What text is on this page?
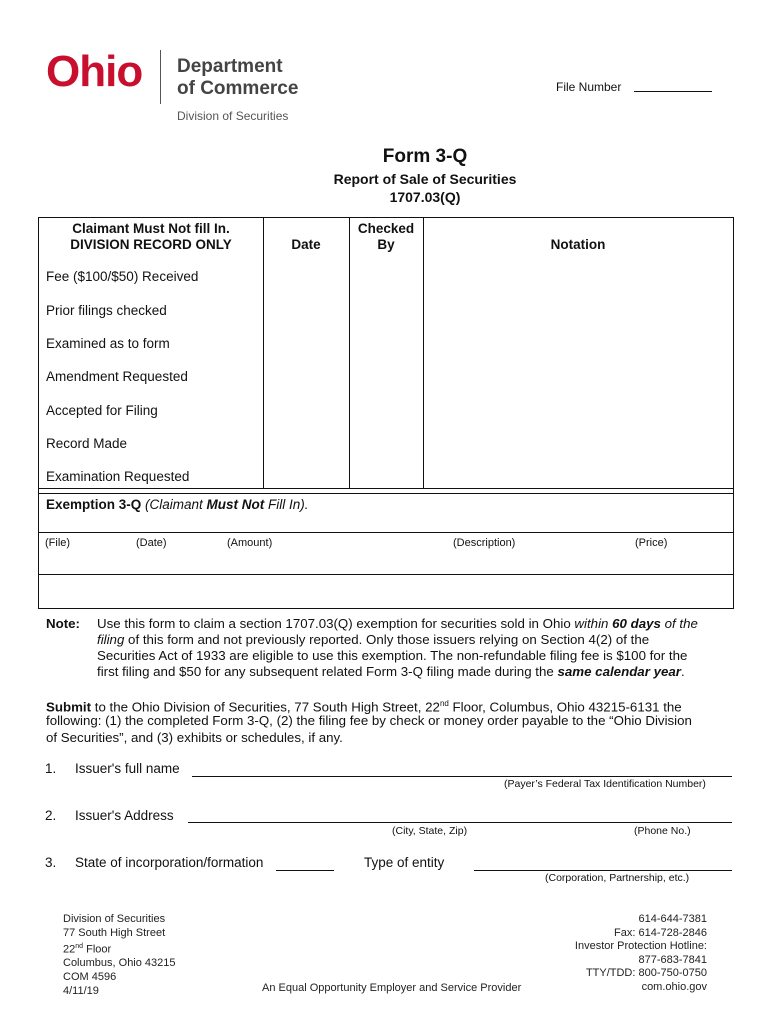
Ohio Department
of Commerce
Division of Securities
File Number
Form 3-Q
Report of Sale of Securities
1707.03(Q)
Claimant Must Not fill In.
DIVISION RECORD ONLY	Date
Checked
By	Notation
Fee ($100/$50) Received
Prior filings checked
Examined as to form
Amendment Requested
Accepted for Filing
Record Made
Examination Requested
Exemption 3-Q (Claimant Must Not Fill In).
(File)	(Date)	(Amount)	(Description)	(Price)
Note: Use this form to claim a section 1707.03(Q) exemption for securities sold in Ohio within 60 days of the
filing of this form and not previously reported. Only those issuers relying on Section 4(2) of the
Securities Act of 1933 are eligible to use this exemption. The non-refundable filing fee is $100 for the
first filing and $50 for any subsequent related Form 3-Q filing made during the same calendar year.
Submit to the Ohio Division of Securities, 77 South High Street, 22nd Floor, Columbus, Ohio 43215-6131 the
following: (1) the completed Form 3-Q, (2) the filing fee by check or money order payable to the “Ohio Division
of Securities”, and (3) exhibits or schedules, if any.
1. Issuer's full name
(Payer’s Federal Tax Identification Number)
2. Issuer's Address
(City, State, Zip)	(Phone No.)
3. State of incorporation/formation	Type of entity
(Corporation, Partnership, etc.)
Division of Securities
77 South High Street
22nd Floor
Columbus, Ohio 43215
COM 4596
4/11/19	An Equal Opportunity Employer and Service Provider
614-644-7381
Fax: 614-728-2846
Investor Protection Hotline:
877-683-7841
TTY/TDD: 800-750-0750
com.ohio.gov
